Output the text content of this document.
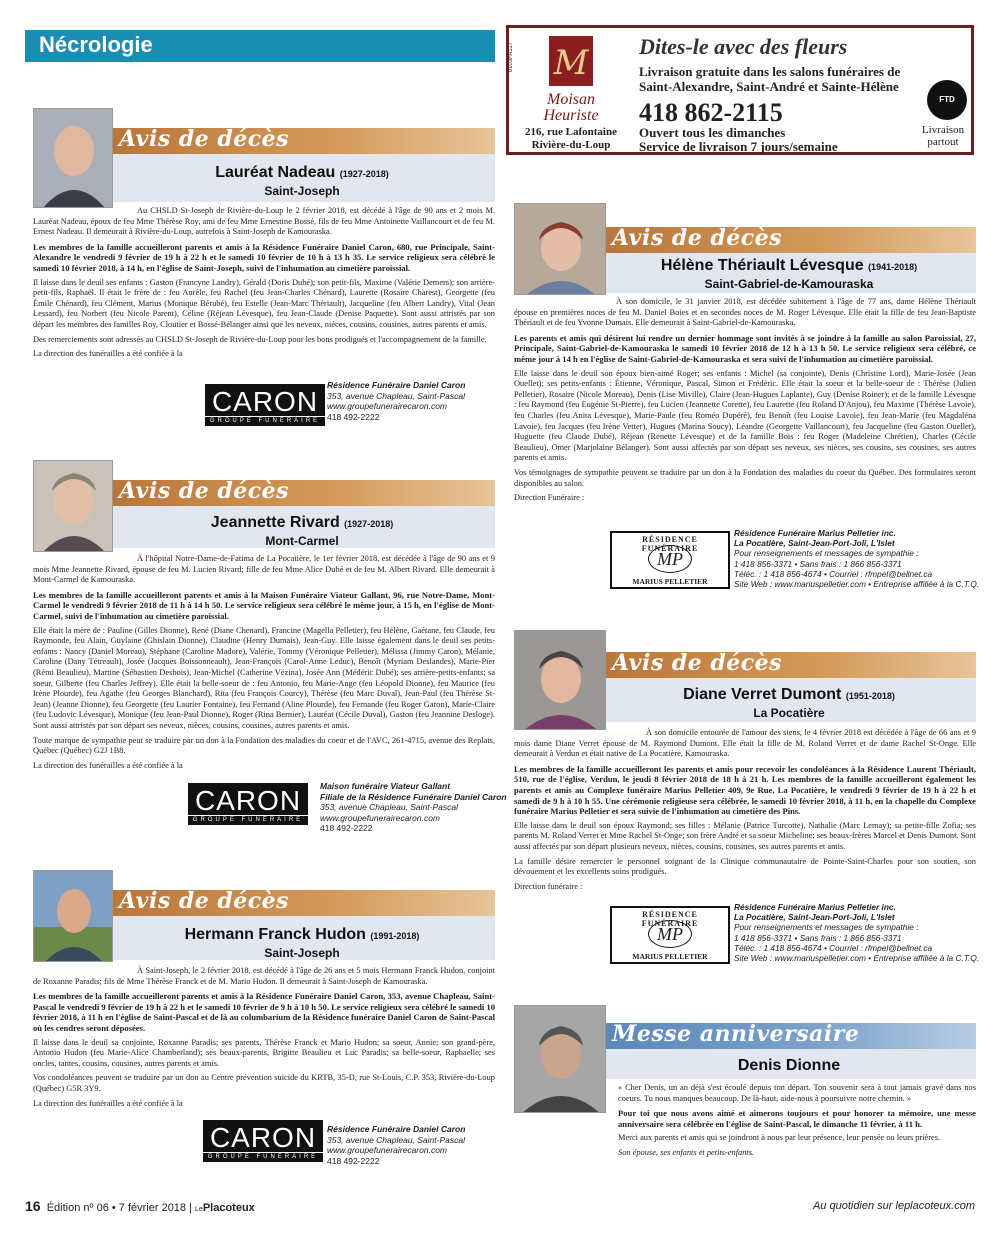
Nécrologie	0103FA117 M
Moisan
Heuriste
216, rue Lafontaine
Rivière-du-Loup
Dites-le avec des fleurs
Livraison gratuite dans les salons funéraires de Saint-Alexandre, Saint-André et Sainte-Hélène
418 862-2115
Ouvert tous les dimanches
Service de livraison 7 jours/semaine
FTD
Livraison
partout
Avis de décès
Lauréat Nadeau (1927-2018)
Saint-Joseph

Au CHSLD St-Joseph de Rivière-du-Loup le 2 février 2018, est décédé à l'âge de 90 ans et 2 mois M. Lauréat Nadeau, époux de feu Mme Thérèse Roy, ami de feu Mme Ernestine Bossé, fils de feu Mme Antoinette Vaillancourt et de feu M. Ernest Nadeau. Il demeurait à Rivière-du-Loup, autrefois à Saint-Joseph de Kamouraska.

Les membres de la famille accueilleront parents et amis à la Résidence Funéraire Daniel Caron, 680, rue Principale, Saint-Alexandre le vendredi 9 février de 19 h à 22 h et le samedi 10 février de 10 h à 13 h 35. Le service religieux sera célébré le samedi 10 février 2018, à 14 h, en l'église de Saint-Joseph, suivi de l'inhumation au cimetière paroissial.

Il laisse dans le deuil ses enfants : Gaston (Francyne Landry), Gérald (Doris Dubé); son petit-fils, Maxime (Valérie Demers); son arrière-petit-fils, Raphaël. Il était le frère de : feu Aurèle, feu Rachel (feu Jean-Charles Chénard), Laurette (Rosaire Charest), Georgette (feu Émile Chénard), feu Clément, Marius (Monique Bérubé), feu Estelle (Jean-Marc Thériault), Jacqueline (feu Albert Landry), Vital (Jean Lessard), feu Norbert (feu Nicole Parent), Céline (Réjean Lévesque), feu Jean-Claude (Denise Paquette). Sont aussi attristés par son départ les membres des familles Roy, Cloutier et Bossé-Bélanger ainsi que les neveux, nièces, cousins, cousines, autres parents et amis.

Des remerciements sont adressés au CHSLD St-Joseph de Rivière-du-Loup pour les bons prodigués et l'accompagnement de la famille.

La direction des funérailles a été confiée à la

CARON
GROUPE FUNÉRAIRE
Résidence Funéraire Daniel Caron
353, avenue Chapleau, Saint-Pascal
www.groupefunerairecaron.com
418 492-2222
Avis de décès
Jeannette Rivard (1927-2018)
Mont-Carmel

À l'hôpital Notre-Dame-de-Fatima de La Pocatière, le 1er février 2018, est décédée à l'âge de 90 ans et 9 mois Mme Jeannette Rivard, épouse de feu M. Lucien Rivard; fille de feu Mme Alice Dubé et de feu M. Albert Rivard. Elle demeurait à Mont-Carmel de Kamouraska.

Les membres de la famille accueilleront parents et amis à la Maison Funéraire Viateur Gallant, 96, rue Notre-Dame, Mont-Carmel le vendredi 9 février 2018 de 11 h à 14 h 50. Le service religieux sera célébré le même jour, à 15 h, en l'église de Mont-Carmel, suivi de l'inhumation au cimetière paroissial.

Elle était la mère de : Pauline (Gilles Dionne), René (Diane Chenard), Francine (Magella Pelletier), feu Hélène, Gaétane, feu Claude, feu Raymonde, feu Alain, Guylaine (Ghislain Dionne), Claudine (Henry Dumais), Jean-Guy. Elle laisse également dans le deuil ses petits-enfants : Nancy (Daniel Moreau), Stéphane (Caroline Madore), Valérie, Tommy (Véronique Pelletier), Mélissa (Jimmy Caron), Mélanie, Caroline (Dany Tétreault), Josée (Jacques Boissonneault), Jean-François (Carol-Anne Leduc), Benoît (Myriam Deslandes), Marie-Pier (Rémi Beaulieu), Martine (Sébastien Desbois), Jean-Michel (Catherine Vézina), Josée Ann (Médéric Dubé); ses arrière-petits-enfants; sa soeur, Gilberte (feu Charles Jeffrey). Elle était la belle-soeur de : feu Antonio, feu Marie-Ange (feu Léopold Dionne), feu Maurice (feu Irène Plourde), feu Agathe (feu Georges Blanchard), Rita (feu François Courcy), Thérèse (feu Marc Duval), Jean-Paul (feu Thérèse St-Jean) (Jeanne Dionne), feu Georgette (feu Laurier Fontaine), feu Fernand (Aline Plourde), feu Fernande (feu Roger Garon), Marie-Claire (feu Ludovic Lévesque), Monique (feu Jean-Paul Dionne), Roger (Rina Bernier), Lauréat (Cécile Duval), Gaston (feu Jeannine Desloge). Sont aussi attristés par son départ ses neveux, nièces, cousins, cousines, autres parents et amis.

Toute marque de sympathie peut se traduire par un don à la Fondation des maladies du coeur et de l'AVC, 261-4715, avenue des Replats, Québec (Québec) G2J 1B8.

La direction des funérailles a été confiée à la

CARON
GROUPE FUNÉRAIRE
Maison funéraire Viateur Gallant
Filiale de la Résidence Funéraire Daniel Caron
353, avenue Chapleau, Saint-Pascal
www.groupefunerairecaron.com
418 492-2222
Avis de décès
Hermann Franck Hudon (1991-2018)
Saint-Joseph

À Saint-Joseph, le 2 février 2018, est décédé à l'âge de 26 ans et 5 mois Hermann Franck Hudon, conjoint de Roxanne Paradis; fils de Mme Thérèse Franck et de M. Mario Hudon. Il demeurait à Saint-Joseph de Kamouraska.

Les membres de la famille accueilleront parents et amis à la Résidence Funéraire Daniel Caron, 353, avenue Chapleau, Saint-Pascal le vendredi 9 février de 19 h à 22 h et le samedi 10 février de 9 h à 10 h 50. Le service religieux sera célébré le samedi 10 février 2018, à 11 h en l'église de Saint-Pascal et de là au columbarium de la Résidence funéraire Daniel Caron de Saint-Pascal où les cendres seront déposées.

Il laisse dans le deuil sa conjointe, Roxanne Paradis; ses parents, Thérèse Franck et Mario Hudon; sa soeur, Annie; son grand-père, Antonio Hudon (feu Marie-Alice Chamberland); ses beaux-parents, Brigitte Beaulieu et Luc Paradis; sa belle-soeur, Raphaelle; ses oncles, tantes, cousins, cousines, autres parents et amis.

Vos condoléances peuvent se traduire par un don au Centre prévention suicide du KRTB, 35-D, rue St-Louis, C.P. 353, Rivière-du-Loup (Québec) G5R 3Y9.

La direction des funérailles a été confiée à la

CARON
GROUPE FUNÉRAIRE
Résidence Funéraire Daniel Caron
353, avenue Chapleau, Saint-Pascal
www.groupefunerairecaron.com
418 492-2222
Avis de décès
Hélène Thériault Lévesque (1941-2018)
Saint-Gabriel-de-Kamouraska

À son domicile, le 31 janvier 2018, est décédée subitement à l'âge de 77 ans, dame Hélène Thériault épouse en premières noces de feu M. Daniel Boies et en secondes noces de M. Roger Lévesque. Elle était la fille de feu Jean-Baptiste Thériault et de feu Yvonne Dumais. Elle demeurait à Saint-Gabriel-de-Kamouraska.

Les parents et amis qui désirent lui rendre un dernier hommage sont invités à se joindre à la famille au salon Paroissial, 27, Principale, Saint-Gabriel-de-Kamouraska le samedi 10 février 2018 de 12 h à 13 h 50. Le service religieux sera célébré, ce même jour à 14 h en l'église de Saint-Gabriel-de-Kamouraska et sera suivi de l'inhumation au cimetière paroissial.

Elle laisse dans le deuil son époux bien-aimé Roger; ses enfants : Michel (sa conjointe), Denis (Christine Lord), Marie-Josée (Jean Ouellet); ses petits-enfants : Étienne, Véronique, Pascal, Simon et Frédéric. Elle était la soeur et la belle-soeur de : Thérèse (Julien Pelletier), Rosaire (Nicole Moreau), Denis (Lise Miville), Claire (Jean-Hugues Laplante), Guy (Denise Roiner); et de la famille Lévesque : feu Raymond (feu Eugénie St-Pierre), feu Lucien (Jeannette Corette), feu Laurette (feu Roland D'Anjou), feu Maxime (Thérèse Lavoie), feu Charles (feu Anita Lévesque), Marie-Paule (feu Roméo Dupéré), feu Benoît (feu Louise Lavoie), feu Jean-Marie (feu Magdaléna Lavoie), feu Jacques (feu Irène Vetter), Hugues (Marina Soucy), Léandre (Georgette Vaillancourt), feu Jacqueline (feu Gaston Ouellet), Huguette (feu Claude Dubé), Réjean (Renette Lévesque) et de la famille Bois : feu Roger (Madeleine Chrétien), Charles (Cécile Beaulieu), Omer (Marjolaine Bélanger). Sont aussi affectés par son départ ses neveux, ses nièces, ses cousins, ses cousines, ses autres parents et amis.

Vos témoignages de sympathie peuvent se traduire par un don à la Fondation des maladies du coeur du Québec. Des formulaires seront disponibles au salon.

Direction Funéraire :

RÉSIDENCE FUNÉRAIRE
MP
MARIUS PELLETIER
Résidence Funéraire Marius Pelletier inc.
La Pocatière, Saint-Jean-Port-Joli, L'Islet
Pour renseignements et messages de sympathie :
1 418 856-3371 • Sans frais : 1 866 856-3371
Téléc. : 1 418 856-4674 • Courriel : rfmpel@bellnet.ca
Site Web : www.mariuspelletier.com • Entreprise affiliée à la C.T.Q.
Avis de décès
Diane Verret Dumont (1951-2018)
La Pocatière

À son domicile entourée de l'amour des siens, le 4 février 2018 est décédée à l'âge de 66 ans et 9 mois dame Diane Verret épouse de M. Raymond Dumont. Elle était la fille de M. Roland Verret et de dame Rachel St-Onge. Elle demeurait à Verdun et était native de La Pocatière, Kamouraska.

Les membres de la famille accueilleront les parents et amis pour recevoir les condoléances à la Résidence Laurent Thériault, 510, rue de l'église, Verdun, le jeudi 8 février 2018 de 18 h à 21 h. Les membres de la famille accueilleront également les parents et amis au Complexe funéraire Marius Pelletier 409, 9e Rue, La Pocatière, le vendredi 9 février de 19 h à 22 h et samedi de 9 h à 10 h 55. Une cérémonie religieuse sera célébrée, le samedi 10 février 2018, à 11 h, en la chapelle du Complexe funéraire Marius Pelletier et sera suivie de l'inhumation au cimetière des Pins.

Elle laisse dans le deuil son époux Raymond; ses filles : Mélanie (Patrice Turcotte), Nathalie (Marc Lemay); sa petite-fille Zofia; ses parents M. Roland Verret et Mme Rachel St-Onge; son frère André et sa soeur Micheline; ses beaux-frères Marcel et Denis Dumont. Sont aussi affectés par son départ plusieurs neveux, nièces, cousins, cousines, ses autres parents et amis.

La famille désire remercier le personnel soignant de la Clinique communautaire de Pointe-Saint-Charles pour son soutien, son dévouement et les excellents soins prodigués.

Direction funéraire :

RÉSIDENCE FUNÉRAIRE
MP
MARIUS PELLETIER
Résidence Funéraire Marius Pelletier inc.
La Pocatière, Saint-Jean-Port-Joli, L'Islet
Pour renseignements et messages de sympathie :
1 418 856-3371 • Sans frais : 1 866 856-3371
Téléc. : 1 418 856-4674 • Courriel : rfmpel@bellnet.ca
Site Web : www.mariuspelletier.com • Entreprise affiliée à la C.T.Q.
Messe anniversaire
Denis Dionne

« Cher Denis, un an déjà s'est écoulé depuis ton départ. Ton souvenir sera à tout jamais gravé dans nos coeurs. Tu nous manques beaucoup. De là-haut, aide-nous à poursuivre notre chemin. »

Pour toi que nous avons aimé et aimerons toujours et pour honorer ta mémoire, une messe anniversaire sera célébrée en l'église de Saint-Pascal, le dimanche 11 février, à 11 h.

Merci aux parents et amis qui se joindront à nous par leur présence, leur pensée ou leurs prières.

Son épouse, ses enfants et petits-enfants.

16 Édition nº 06 • 7 février 2018 | LePlacoteux	Au quotidien sur leplacoteux.com
